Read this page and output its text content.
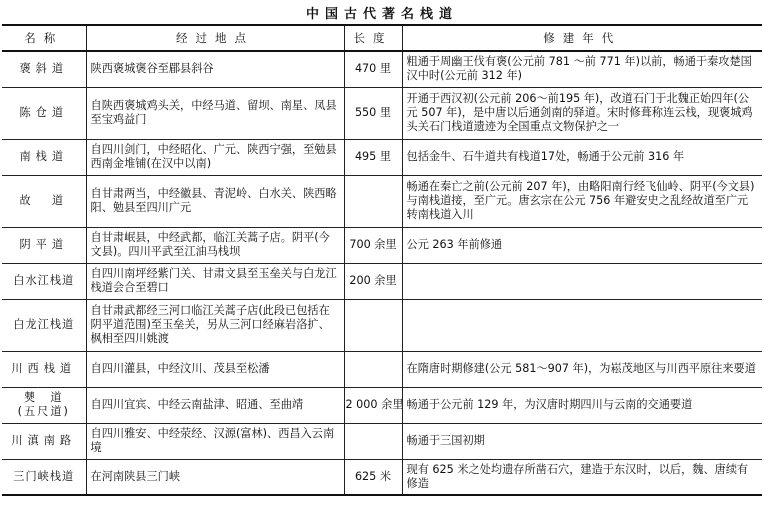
中国古代著名栈道
名称	经过地点	长度	修建年代
褒斜道	陕西褒城褒谷至郿县斜谷	470 里	粗通于周幽王伐有褒(公元前 781 ～前 771 年)以前，畅通于秦攻楚国汉中时(公元前 312 年)
陈仓道	自陕西褒城鸡头关，中经马道、留坝、南星、凤县至宝鸡益门	550 里	开通于西汉初(公元前 206～前195 年)，改道石门于北魏正始四年(公元 507 年)，是中唐以后通剑南的驿道。宋时修葺称连云栈，现褒城鸡头关石门栈道遗迹为全国重点文物保护之一
南栈道	自四川剑门，中经昭化、广元、陕西宁强，至勉县西南金堆铺(在汉中以南)	495 里	包括金牛、石牛道共有栈道17处，畅通于公元前 316 年
故　道	自甘肃两当，中经徽县、青泥岭、白水关、陕西略阳、勉县至四川广元		畅通在秦亡之前(公元前 207 年)，由略阳南行经飞仙岭、阴平(今文县)与南栈道接，至广元。唐玄宗在公元 756 年避安史之乱经故道至广元转南栈道入川
阴平道	自甘肃岷县，中经武都，临江关蒿子店。阴平(今文县)。四川平武至江油马栈坝	700 余里	公元 263 年前修通
白水江栈道	自四川南坪经紫门关、甘肃文县至玉垒关与白龙江栈道会合至碧口	200 余里	
白龙江栈道	自甘肃武都经三河口临江关蒿子店(此段已包括在阴平道范围)至玉垒关，另从三河口经麻岩洛扩、枫相至四川姚渡		
川西栈道	自四川灌县，中经汶川、茂县至松潘		在隋唐时期修建(公元 581～907 年)，为崧茂地区与川西平原往来要道
僰　道
(五尺道)	自四川宜宾、中经云南盐津、昭通、至曲靖	2 000 余里	畅通于公元前 129 年，为汉唐时期四川与云南的交通要道
川滇南路	自四川雅安、中经荥经、汉源(富林)、西昌入云南境		畅通于三国初期
三门峡栈道	在河南陕县三门峡	625 米	现有 625 米之处均遗存所凿石穴，建造于东汉时，以后，魏、唐续有修造
